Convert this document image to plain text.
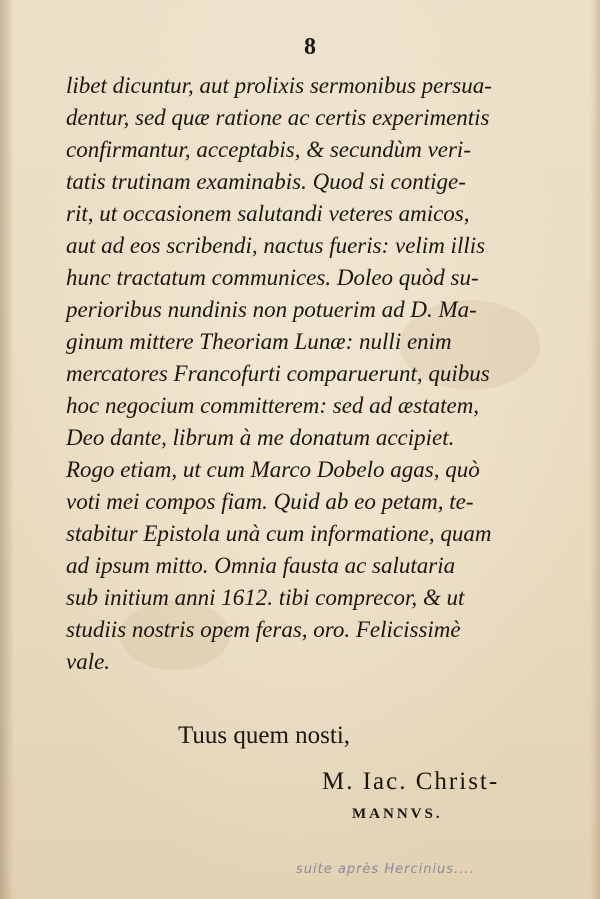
8

libet dicuntur, aut prolixis sermonibus persua-
dentur, sed quæ ratione ac certis experimentis
confirmantur, acceptabis, & secundùm veri-
tatis trutinam examinabis. Quod si contige-
rit, ut occasionem salutandi veteres amicos,
aut ad eos scribendi, nactus fueris: velim illis
hunc tractatum communices. Doleo quòd su-
perioribus nundinis non potuerim ad D. Ma-
ginum mittere Theoriam Lunæ: nulli enim
mercatores Francofurti comparuerunt, quibus
hoc negocium committerem: sed ad æstatem,
Deo dante, librum à me donatum accipiet.
Rogo etiam, ut cum Marco Dobelo agas, quò
voti mei compos fiam. Quid ab eo petam, te-
stabitur Epistola unà cum informatione, quam
ad ipsum mitto. Omnia fausta ac salutaria
sub initium anni 1612. tibi comprecor, & ut
studiis nostris opem feras, oro. Felicissimè
vale.

Tuus quem nosti,

M. Iac. Christ-

MANNVS.

suite après Hercinius....
